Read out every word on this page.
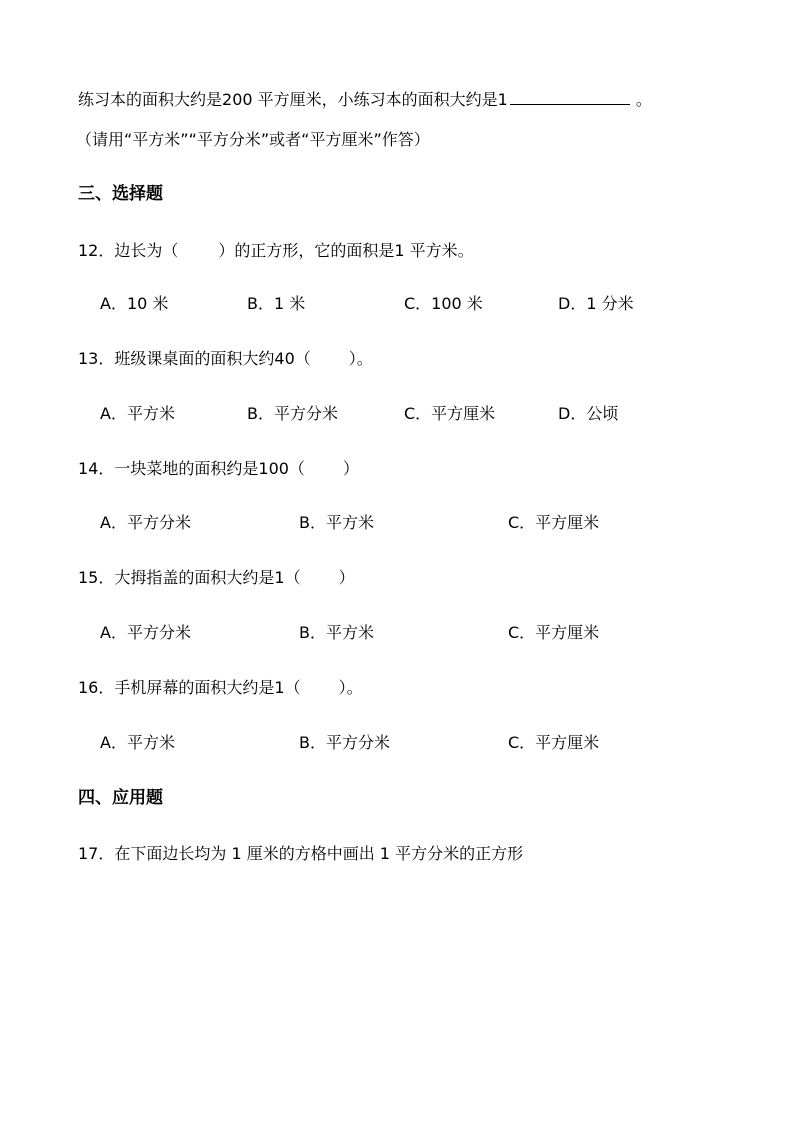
练习本的面积大约是200 平方厘米，小练习本的面积大约是1	。
（请用“平方米”“平方分米”或者“平方厘米”作答）
三、选择题
12．边长为（	）的正方形，它的面积是1 平方米。
A．10 米	B．1 米	C．100 米	D．1 分米
13．班级课桌面的面积大约40（ ）。
A．平方米	B．平方分米	C．平方厘米	D．公顷
14．一块菜地的面积约是100（ ）
A．平方分米	B．平方米	C．平方厘米
15．大拇指盖的面积大约是1（ ）
A．平方分米	B．平方米	C．平方厘米
16．手机屏幕的面积大约是1（ ）。
A．平方米	B．平方分米	C．平方厘米
四、应用题
17．在下面边长均为 1 厘米的方格中画出 1 平方分米的正方形
